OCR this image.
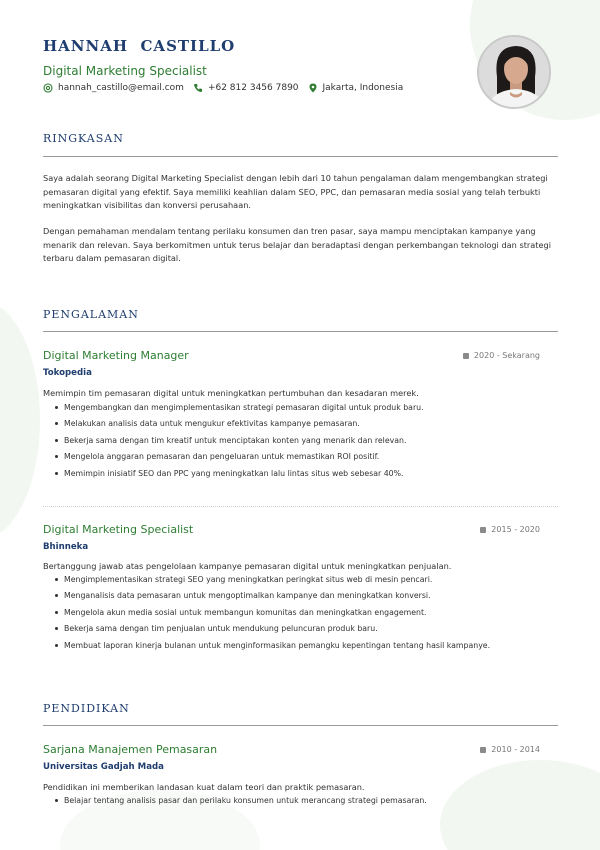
HANNAH  CASTILLO
Digital Marketing Specialist
hannah_castillo@email.com	+62 812 3456 7890	Jakarta, Indonesia
RINGKASAN

Saya adalah seorang Digital Marketing Specialist dengan lebih dari 10 tahun pengalaman dalam mengembangkan strategi pemasaran digital yang efektif. Saya memiliki keahlian dalam SEO, PPC, dan pemasaran media sosial yang telah terbukti meningkatkan visibilitas dan konversi perusahaan.

Dengan pemahaman mendalam tentang perilaku konsumen dan tren pasar, saya mampu menciptakan kampanye yang menarik dan relevan. Saya berkomitmen untuk terus belajar dan beradaptasi dengan perkembangan teknologi dan strategi terbaru dalam pemasaran digital.

PENGALAMAN
Digital Marketing Manager	2020 - Sekarang
Tokopedia
Memimpin tim pemasaran digital untuk meningkatkan pertumbuhan dan kesadaran merek.
Mengembangkan dan mengimplementasikan strategi pemasaran digital untuk produk baru.
Melakukan analisis data untuk mengukur efektivitas kampanye pemasaran.
Bekerja sama dengan tim kreatif untuk menciptakan konten yang menarik dan relevan.
Mengelola anggaran pemasaran dan pengeluaran untuk memastikan ROI positif.
Memimpin inisiatif SEO dan PPC yang meningkatkan lalu lintas situs web sebesar 40%.
Digital Marketing Specialist	2015 - 2020
Bhinneka
Bertanggung jawab atas pengelolaan kampanye pemasaran digital untuk meningkatkan penjualan.
Mengimplementasikan strategi SEO yang meningkatkan peringkat situs web di mesin pencari.
Menganalisis data pemasaran untuk mengoptimalkan kampanye dan meningkatkan konversi.
Mengelola akun media sosial untuk membangun komunitas dan meningkatkan engagement.
Bekerja sama dengan tim penjualan untuk mendukung peluncuran produk baru.
Membuat laporan kinerja bulanan untuk menginformasikan pemangku kepentingan tentang hasil kampanye.
PENDIDIKAN
Sarjana Manajemen Pemasaran	2010 - 2014
Universitas Gadjah Mada
Pendidikan ini memberikan landasan kuat dalam teori dan praktik pemasaran.
Belajar tentang analisis pasar dan perilaku konsumen untuk merancang strategi pemasaran.
